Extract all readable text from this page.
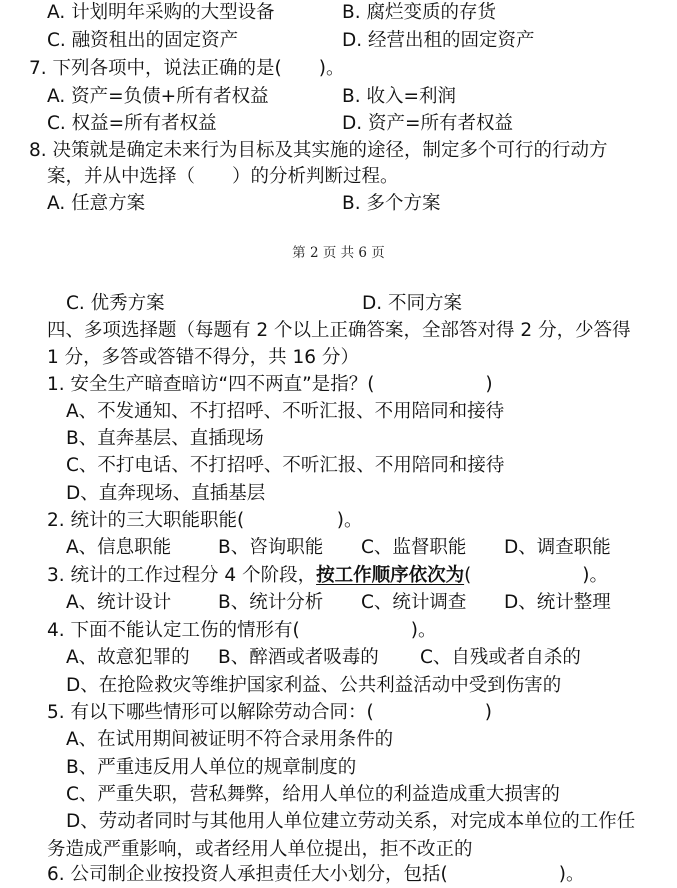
A. 计划明年采购的大型设备	B. 腐烂变质的存货
C. 融资租出的固定资产	D. 经营出租的固定资产
7. 下列各项中，说法正确的是(　　)。
A. 资产=负债+所有者权益	B. 收入=利润
C. 权益=所有者权益	D. 资产=所有者权益
8. 决策就是确定未来行为目标及其实施的途径，制定多个可行的行动方
案，并从中选择（　　）的分析判断过程。
A. 任意方案	B. 多个方案
第 2 页 共 6 页
C. 优秀方案	D. 不同方案
四、多项选择题（每题有 2 个以上正确答案，全部答对得 2 分，少答得
1 分，多答或答错不得分，共 16 分）
1. 安全生产暗查暗访“四不两直”是指？(　　　　　　)
A、不发通知、不打招呼、不听汇报、不用陪同和接待
B、直奔基层、直插现场
C、不打电话、不打招呼、不听汇报、不用陪同和接待
D、直奔现场、直插基层
2. 统计的三大职能职能(　　　　　)。
A、信息职能	B、咨询职能 C、监督职能 D、调查职能
3. 统计的工作过程分 4 个阶段，按工作顺序依次为(　　　　　　)。
A、统计设计	B、统计分析 C、统计调查 D、统计整理
4. 下面不能认定工伤的情形有(　　　　　　)。
A、故意犯罪的 B、醉酒或者吸毒的 C、自残或者自杀的
D、在抢险救灾等维护国家利益、公共利益活动中受到伤害的
5. 有以下哪些情形可以解除劳动合同：(　　　　　　)
A、在试用期间被证明不符合录用条件的
B、严重违反用人单位的规章制度的
C、严重失职，营私舞弊，给用人单位的利益造成重大损害的
D、劳动者同时与其他用人单位建立劳动关系，对完成本单位的工作任
务造成严重影响，或者经用人单位提出，拒不改正的
6. 公司制企业按投资人承担责任大小划分，包括(　　　　　　)。
